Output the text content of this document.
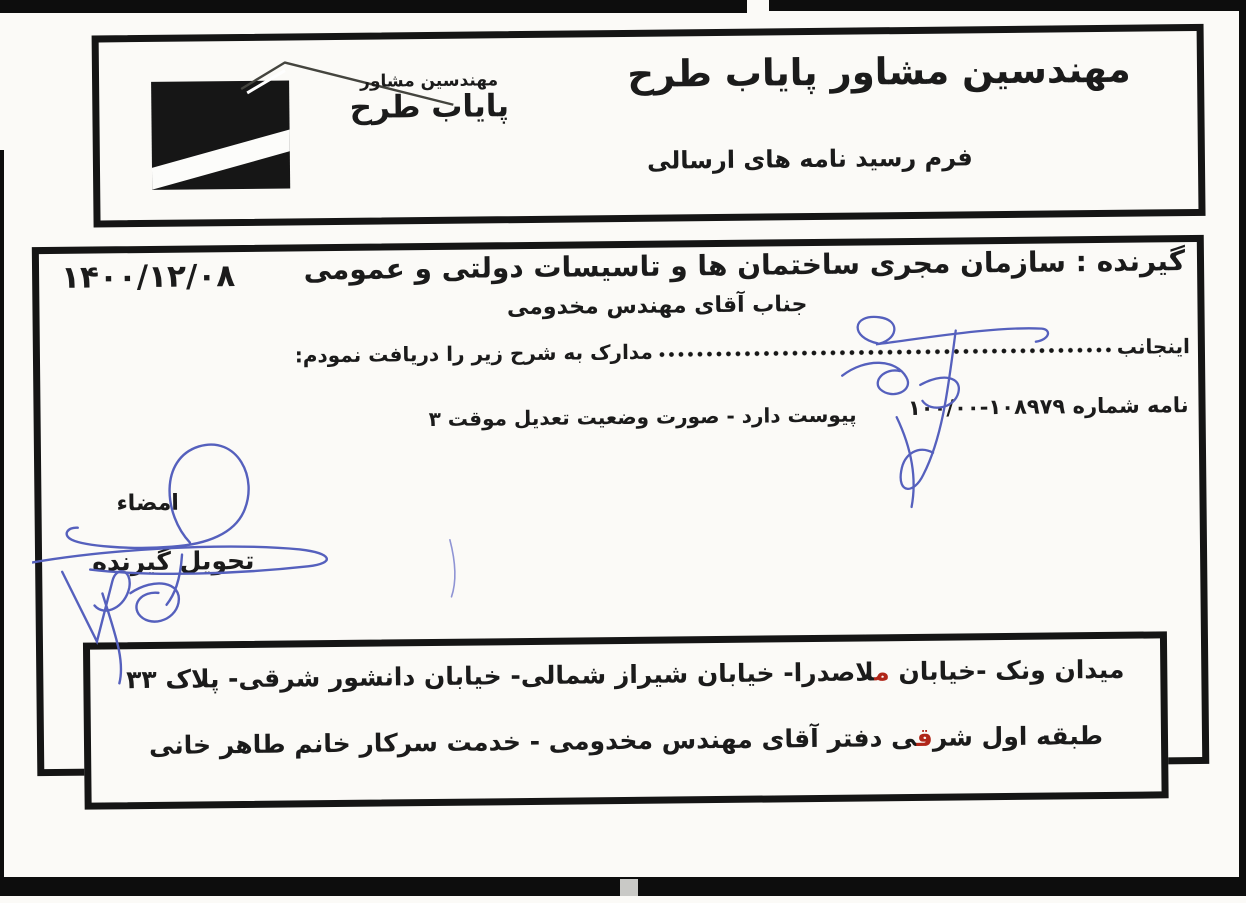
مهندسین مشاور
پایاب طرح
مهندسین مشاور پایاب طرح
فرم رسید نامه های ارسالی
۱۴۰۰/۱۲/۰۸ گیرنده : سازمان مجری ساختمان ها و تاسیسات دولتی و عمومی
جناب آقای مهندس مخدومی
اینجانب
مدارک به شرح زیر را دریافت نمودم:
نامه شماره ۱۰۸۹۷۹-۱۰۰/۰۰
پیوست دارد - صورت وضعیت تعدیل موقت ۳
امضاء
تحویل گیرنده
میدان ونک -خیابان م‍‍لاصدرا- خیابان شیراز شمالی- خیابان دانشور شرقی- پلاک ۳۳
طبقه اول شرق‍‍ی دفتر آقای مهندس مخدومی - خدمت سرکار خانم طاهر خانی
